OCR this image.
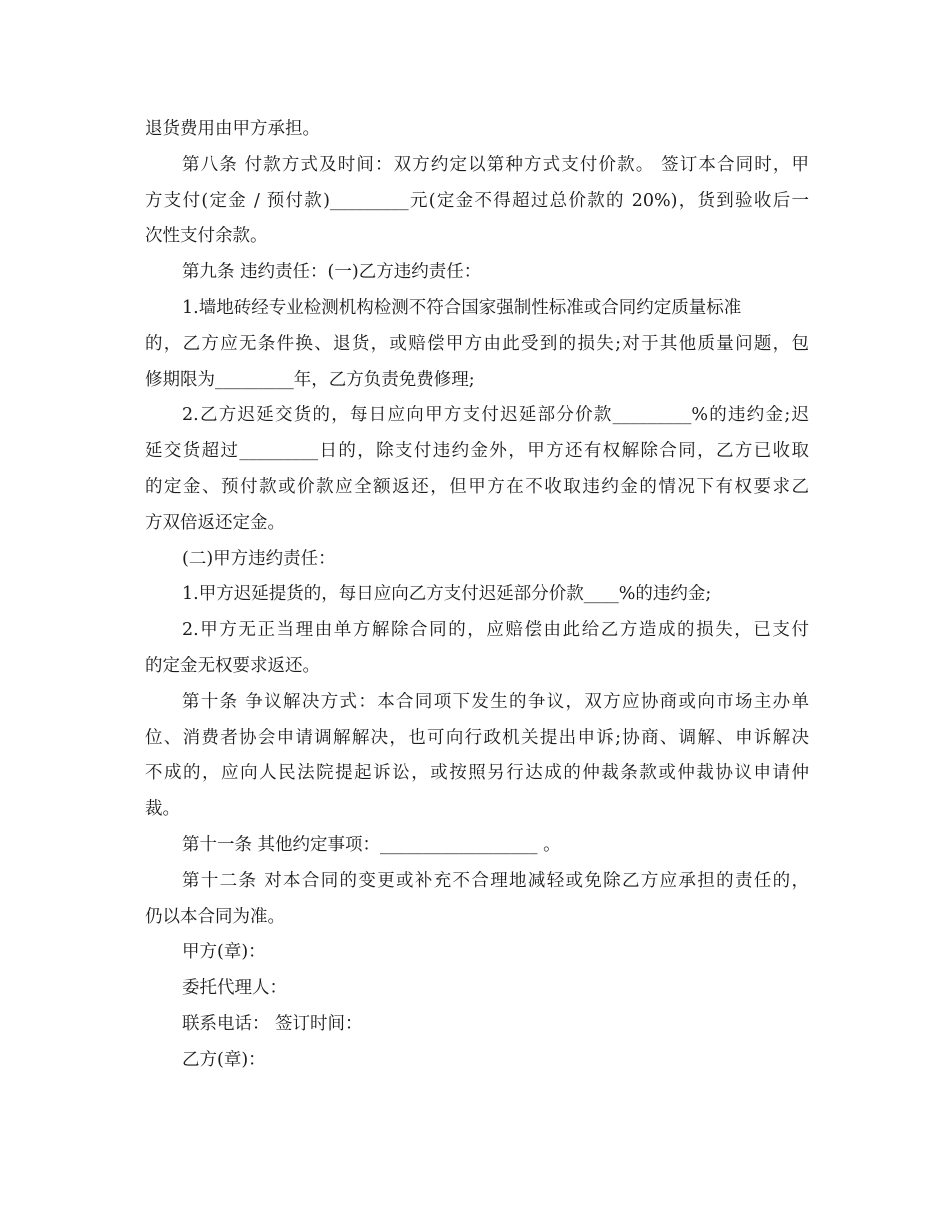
退货费用由甲方承担。
第八条 付款方式及时间：双方约定以第种方式支付价款。 签订本合同时，甲
方支付(定金 / 预付款)_________元(定金不得超过总价款的 20%)，货到验收后一
次性支付余款。
第九条 违约责任：(一)乙方违约责任：
1.墙地砖经专业检测机构检测不符合国家强制性标准或合同约定质量标准
的，乙方应无条件换、退货，或赔偿甲方由此受到的损失;对于其他质量问题，包
修期限为_________年，乙方负责免费修理;
2.乙方迟延交货的，每日应向甲方支付迟延部分价款_________%的违约金;迟
延交货超过_________日的，除支付违约金外，甲方还有权解除合同，乙方已收取
的定金、预付款或价款应全额返还，但甲方在不收取违约金的情况下有权要求乙
方双倍返还定金。
(二)甲方违约责任：
1.甲方迟延提货的，每日应向乙方支付迟延部分价款____%的违约金;
2.甲方无正当理由单方解除合同的，应赔偿由此给乙方造成的损失，已支付
的定金无权要求返还。
第十条 争议解决方式：本合同项下发生的争议，双方应协商或向市场主办单
位、消费者协会申请调解解决，也可向行政机关提出申诉;协商、调解、申诉解决
不成的，应向人民法院提起诉讼，或按照另行达成的仲裁条款或仲裁协议申请仲
裁。
第十一条 其他约定事项：__________________ 。
第十二条 对本合同的变更或补充不合理地减轻或免除乙方应承担的责任的，
仍以本合同为准。
甲方(章)：
委托代理人：
联系电话： 签订时间：
乙方(章)：
